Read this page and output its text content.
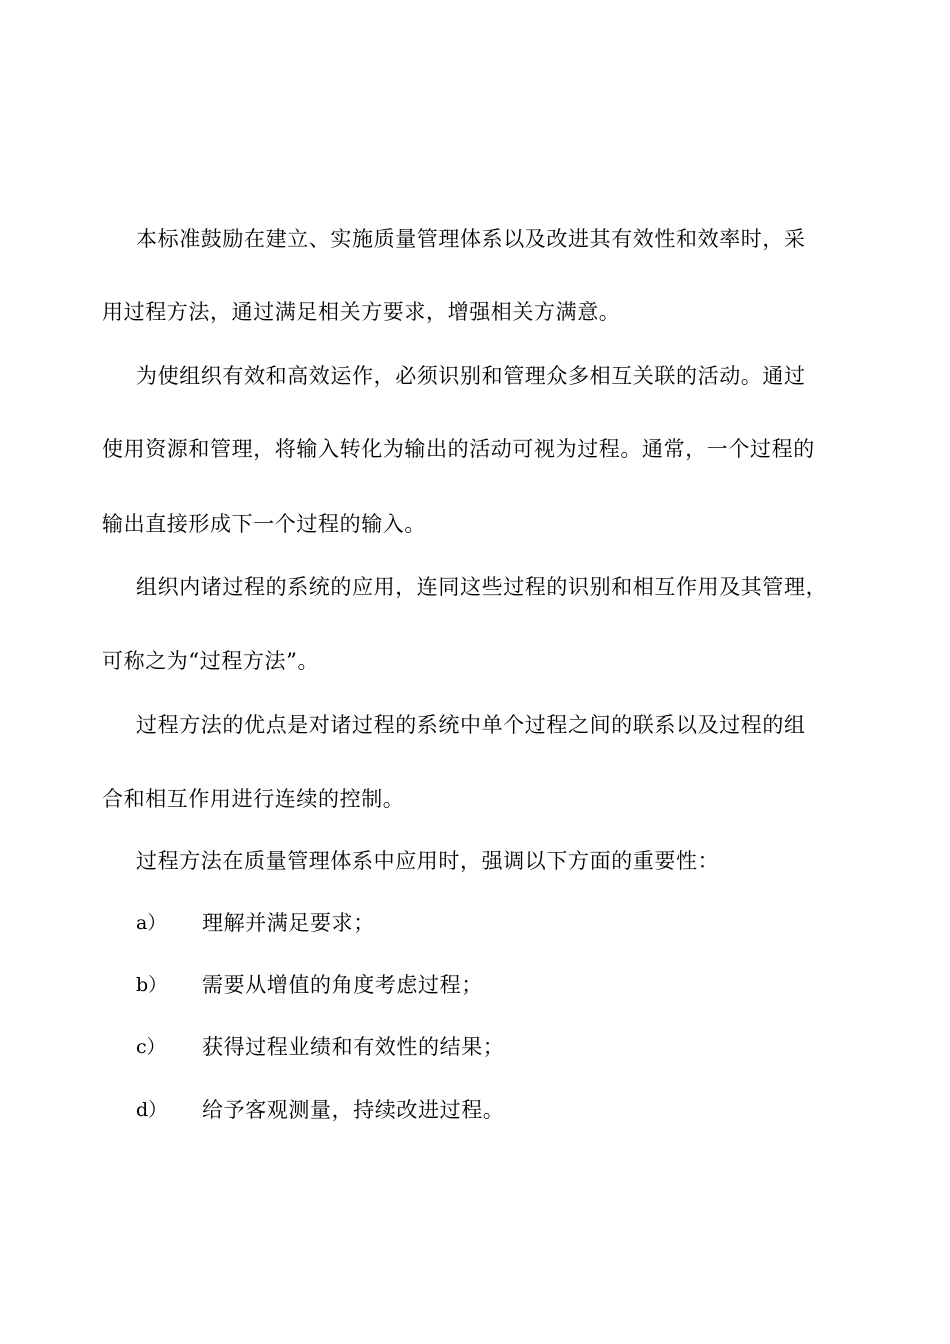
本标准鼓励在建立、实施质量管理体系以及改进其有效性和效率时，采
用过程方法，通过满足相关方要求，增强相关方满意。
为使组织有效和高效运作，必须识别和管理众多相互关联的活动。通过
使用资源和管理，将输入转化为输出的活动可视为过程。通常，一个过程的
输出直接形成下一个过程的输入。
组织内诸过程的系统的应用，连同这些过程的识别和相互作用及其管理，
可称之为“过程方法”。
过程方法的优点是对诸过程的系统中单个过程之间的联系以及过程的组
合和相互作用进行连续的控制。
过程方法在质量管理体系中应用时，强调以下方面的重要性：
a） 理解并满足要求；
b） 需要从增值的角度考虑过程；
c） 获得过程业绩和有效性的结果；
d） 给予客观测量，持续改进过程。
